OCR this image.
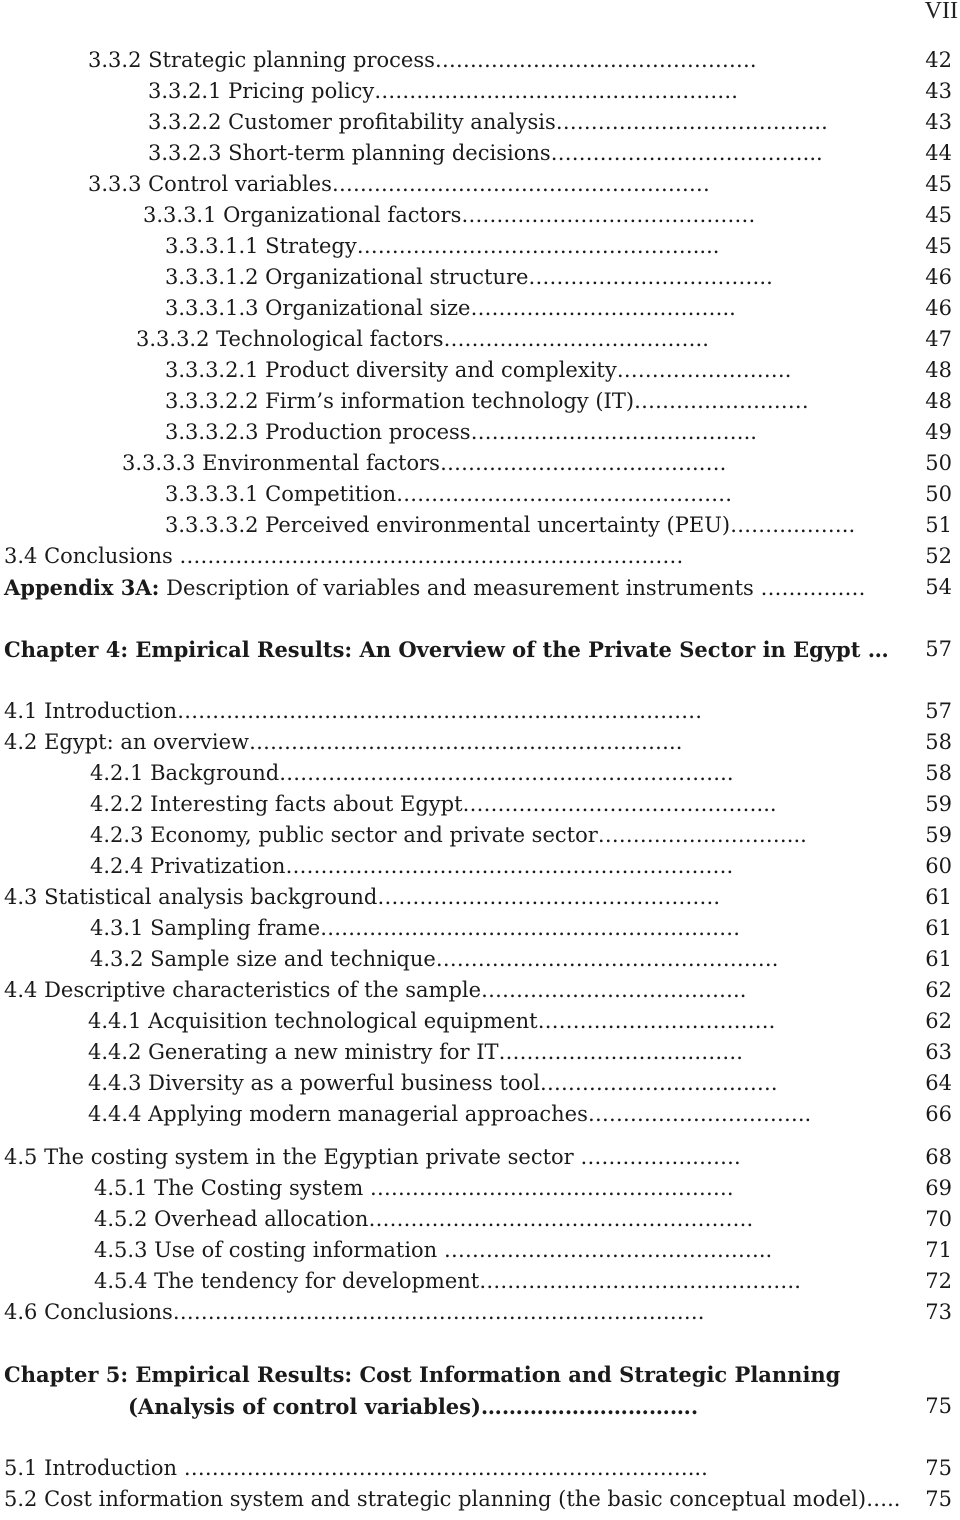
VII
3.3.2 Strategic planning process……………………………………….	42
3.3.2.1 Pricing policy…………………………………………….	43
3.3.2.2 Customer profitability analysis………………………………...	43
3.3.2.3 Short-term planning decisions………………………………...	44
3.3.3 Control variables………………………………………………	45
3.3.3.1 Organizational factors……………………………………	45
3.3.3.1.1 Strategy…………………………………………....	45
3.3.3.1.2 Organizational structure……………………………..	46
3.3.3.1.3 Organizational size………………………………..	46
3.3.3.2 Technological factors………………………………..	47
3.3.3.2.1 Product diversity and complexity…………………….	48
3.3.3.2.2 Firm’s information technology (IT)……………….……	48
3.3.3.2.3 Production process…………………………………..	49
3.3.3.3 Environmental factors……………………………….….	50
3.3.3.3.1 Competition…………………………………………	50
3.3.3.3.2 Perceived environmental uncertainty (PEU)……….……..	51
3.4 Conclusions ………………………………………………………………	52
Appendix 3A: Description of variables and measurement instruments ……………	54
Chapter 4: Empirical Results: An Overview of the Private Sector in Egypt … 57
4.1 Introduction…………………………………………………………………	57
4.2 Egypt: an overview……………………………………………………..	58
4.2.1 Background………………………………………………………..	58
4.2.2 Interesting facts about Egypt……………………………………...	59
4.2.3 Economy, public sector and private sector………………………...	59
4.2.4 Privatization……………………………………………………….	60
4.3 Statistical analysis background………………………………………….	61
4.3.1 Sampling frame……………………………………………………	61
4.3.2 Sample size and technique………………………………………….	61
4.4 Descriptive characteristics of the sample………………………………..	62
4.4.1 Acquisition technological equipment…………………………….	62
4.4.2 Generating a new ministry for IT……………………….…….	63
4.4.3 Diversity as a powerful business tool…………………………….	64
4.4.4 Applying modern managerial approaches…………………………..	66
4.5 The costing system in the Egyptian private sector …………….…….	68
4.5.1 The Costing system …………………………………………….	69
4.5.2 Overhead allocation……………………………………………….	70
4.5.3 Use of costing information ………………………………………..	71
4.5.4 The tendency for development……………………………………….	72
4.6 Conclusions………………………………………………………………….	73
Chapter 5: Empirical Results: Cost Information and Strategic Planning
(Analysis of control variables)………………………….	75
5.1 Introduction ………………………………………………………………...	75
5.2 Cost information system and strategic planning (the basic conceptual model)….. 75
